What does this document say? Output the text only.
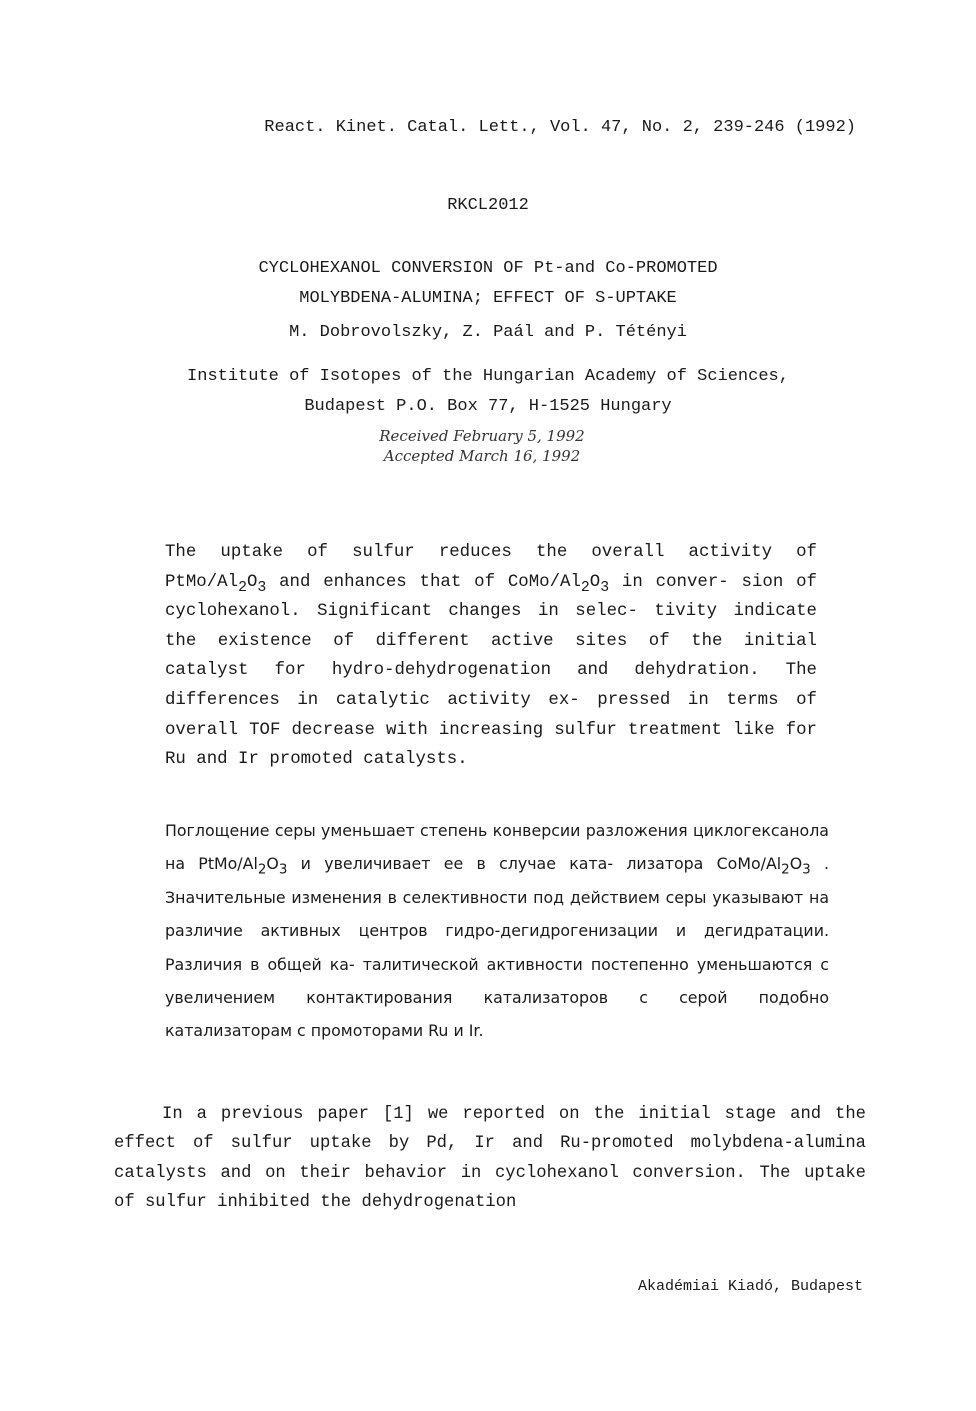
React. Kinet. Catal. Lett., Vol. 47, No. 2, 239-246 (1992)
RKCL2012
CYCLOHEXANOL CONVERSION OF Pt-and Co-PROMOTED
MOLYBDENA-ALUMINA; EFFECT OF S-UPTAKE
M. Dobrovolszky, Z. Paál and P. Tétényi
Institute of Isotopes of the Hungarian Academy of Sciences,
Budapest P.O. Box 77, H-1525 Hungary
Received February 5, 1992
Accepted March 16, 1992

The uptake of sulfur reduces the overall activity of PtMo/$Al_2O_3$ and enhances that of CoMo/$Al_2O_3$ in conver- sion of cyclohexanol. Significant changes in selec- tivity indicate the existence of different active sites of the initial catalyst for hydro-dehydrogenation and dehydration. The differences in catalytic activity ex- pressed in terms of overall TOF decrease with increasing sulfur treatment like for Ru and Ir promoted catalysts.

Поглощение серы уменьшает степень конверсии разложения циклогексанола на PtMo/$Al_2O_3$ и увеличивает ее в случае ката- лизатора CoMo/$Al_2O_3$ . Значительные изменения в селективности под действием серы указывают на различие активных центров гидро-дегидрогенизации и дегидратации. Различия в общей ка- талитической активности постепенно уменьшаются с увеличением контактирования катализаторов с серой подобно катализаторам с промоторами Ru и Ir.

In a previous paper [1] we reported on the initial stage and the effect of sulfur uptake by Pd, Ir and Ru-promoted molybdena-alumina catalysts and on their behavior in cyclohexanol conversion. The uptake of sulfur inhibited the dehydrogenation

Akadémiai Kiadó, Budapest
